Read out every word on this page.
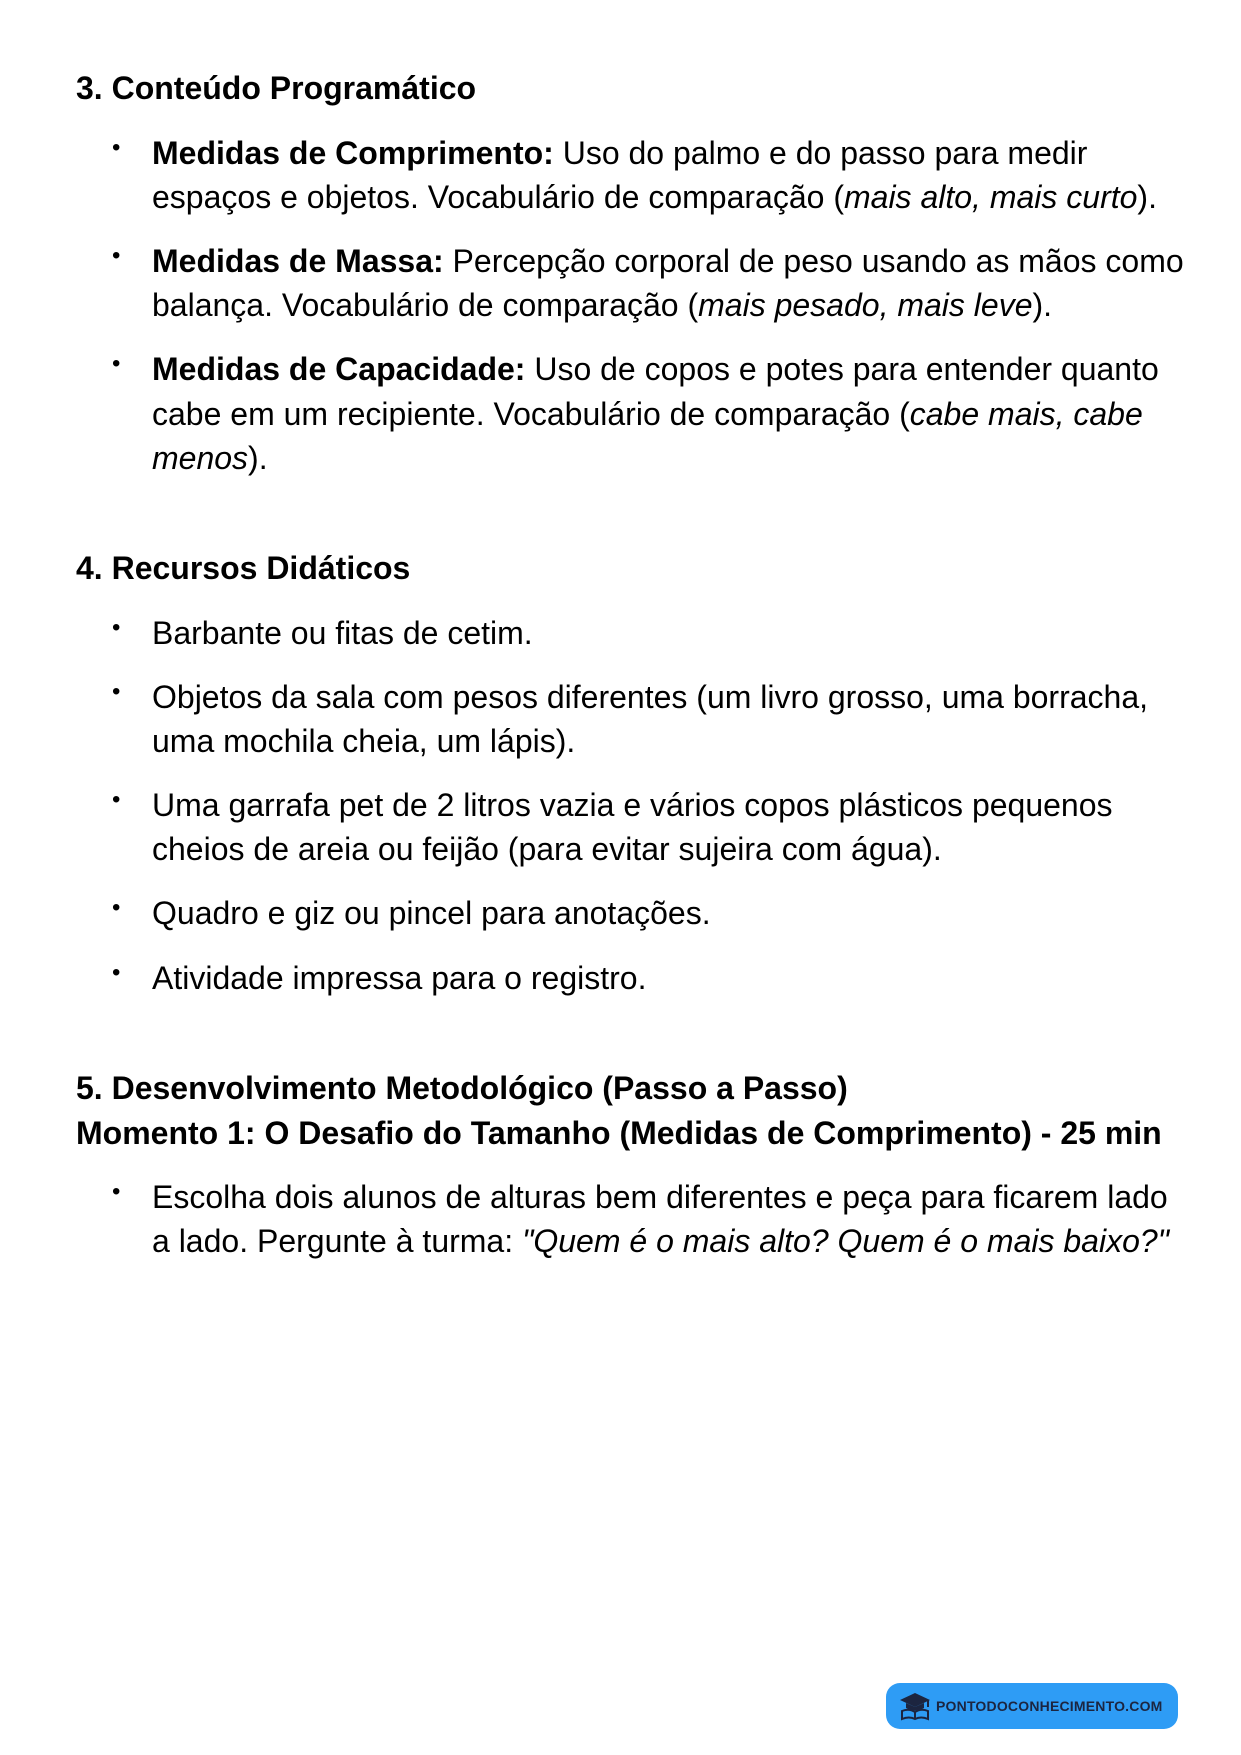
3. Conteúdo Programático
• Medidas de Comprimento: Uso do palmo e do passo para medir espaços e objetos. Vocabulário de comparação (mais alto, mais curto).
• Medidas de Massa: Percepção corporal de peso usando as mãos como balança. Vocabulário de comparação (mais pesado, mais leve).
• Medidas de Capacidade: Uso de copos e potes para entender quanto cabe em um recipiente. Vocabulário de comparação (cabe mais, cabe menos).
4. Recursos Didáticos
• Barbante ou fitas de cetim.
• Objetos da sala com pesos diferentes (um livro grosso, uma borracha, uma mochila cheia, um lápis).
• Uma garrafa pet de 2 litros vazia e vários copos plásticos pequenos cheios de areia ou feijão (para evitar sujeira com água).
• Quadro e giz ou pincel para anotações.
• Atividade impressa para o registro.
5. Desenvolvimento Metodológico (Passo a Passo)
Momento 1: O Desafio do Tamanho (Medidas de Comprimento) - 25 min
• Escolha dois alunos de alturas bem diferentes e peça para ficarem lado a lado. Pergunte à turma: "Quem é o mais alto? Quem é o mais baixo?"
PONTODOCONHECIMENTO.COM
